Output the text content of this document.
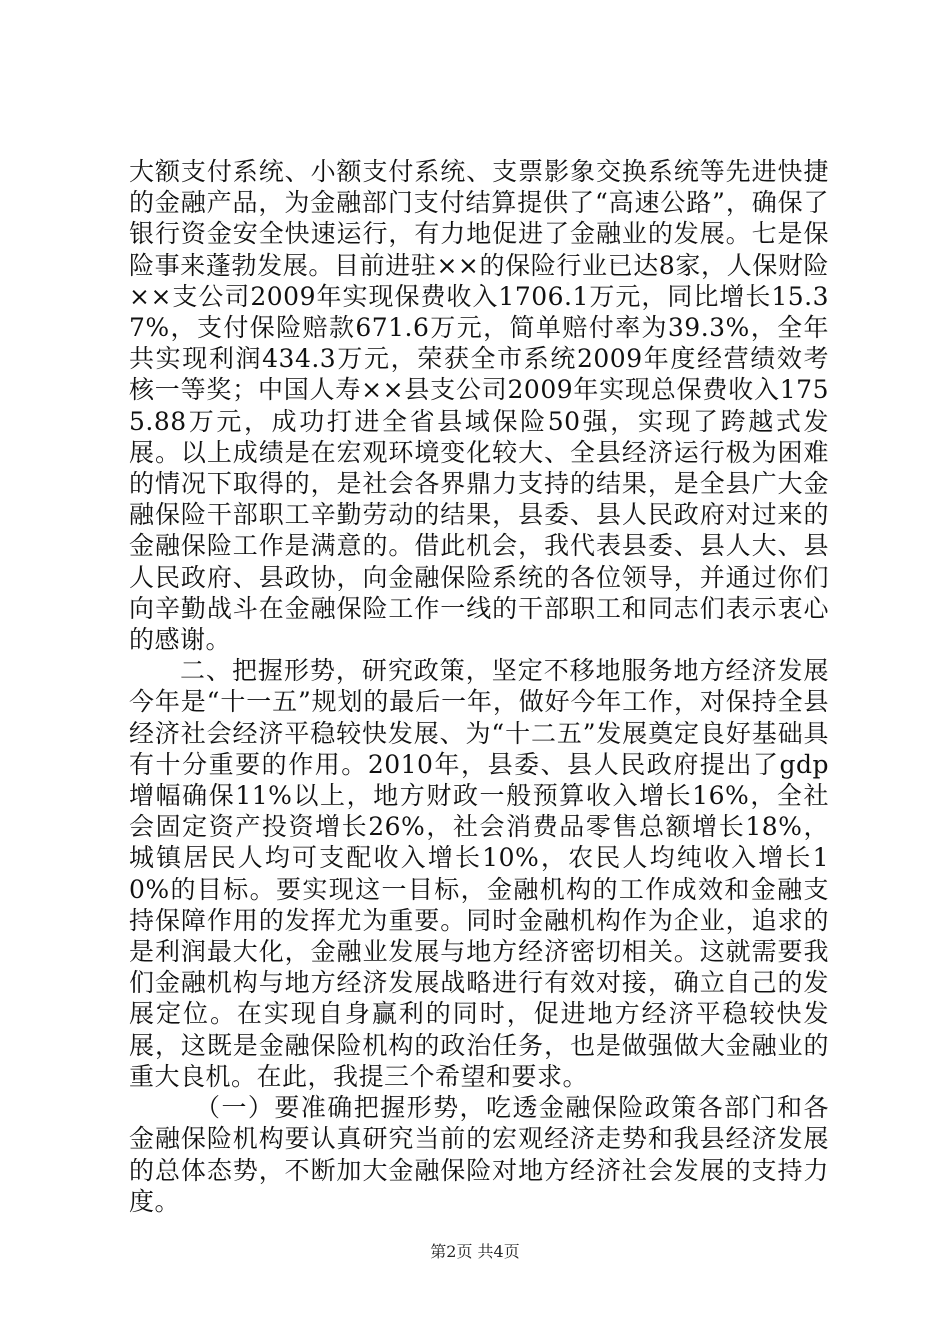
大额支付系统、小额支付系统、支票影象交换系统等先进快捷的金融产品，为金融部门支付结算提供了“高速公路”，确保了银行资金安全快速运行，有力地促进了金融业的发展。七是保险事来蓬勃发展。目前进驻××的保险行业已达8家，人保财险××支公司2009年实现保费收入1706.1万元，同比增长15.37%，支付保险赔款671.6万元，简单赔付率为39.3%，全年共实现利润434.3万元，荣获全市系统2009年度经营绩效考核一等奖；中国人寿××县支公司2009年实现总保费收入1755.88万元，成功打进全省县域保险50强，实现了跨越式发展。以上成绩是在宏观环境变化较大、全县经济运行极为困难的情况下取得的，是社会各界鼎力支持的结果，是全县广大金融保险干部职工辛勤劳动的结果，县委、县人民政府对过来的金融保险工作是满意的。借此机会，我代表县委、县人大、县人民政府、县政协，向金融保险系统的各位领导，并通过你们向辛勤战斗在金融保险工作一线的干部职工和同志们表示衷心的感谢。

二、把握形势，研究政策，坚定不移地服务地方经济发展今年是“十一五”规划的最后一年，做好今年工作，对保持全县经济社会经济平稳较快发展、为“十二五”发展奠定良好基础具有十分重要的作用。2010年，县委、县人民政府提出了gdp增幅确保11%以上，地方财政一般预算收入增长16%，全社会固定资产投资增长26%，社会消费品零售总额增长18%，城镇居民人均可支配收入增长10%，农民人均纯收入增长10%的目标。要实现这一目标，金融机构的工作成效和金融支持保障作用的发挥尤为重要。同时金融机构作为企业，追求的是利润最大化，金融业发展与地方经济密切相关。这就需要我们金融机构与地方经济发展战略进行有效对接，确立自己的发展定位。在实现自身赢利的同时，促进地方经济平稳较快发展，这既是金融保险机构的政治任务，也是做强做大金融业的重大良机。在此，我提三个希望和要求。

（一）要准确把握形势，吃透金融保险政策各部门和各金融保险机构要认真研究当前的宏观经济走势和我县经济发展的总体态势，不断加大金融保险对地方经济社会发展的支持力度。

第2页 共4页
